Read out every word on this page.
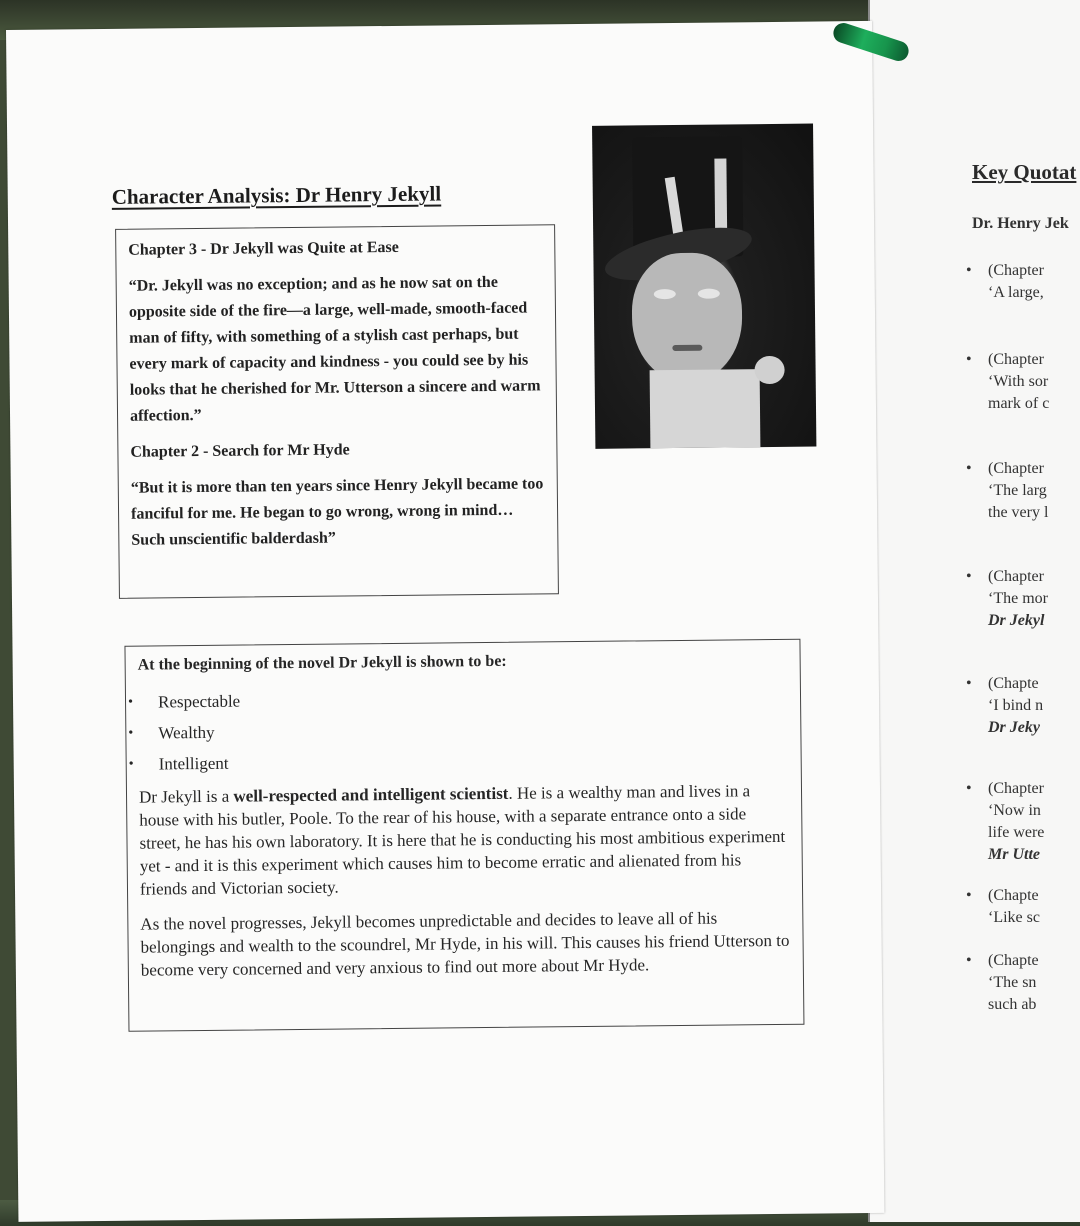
Key Quotat
Dr. Henry Jek
• (Chapter
‘A large,
• (Chapter
‘With sor
mark of c
• (Chapter
‘The larg
the very l
• (Chapter
‘The mor
Dr Jekyl
• (Chapte
‘I bind n
Dr Jeky
• (Chapter
‘Now in
life were
Mr Utte
• (Chapte
‘Like sc
• (Chapte
‘The sn
such ab
Character Analysis: Dr Henry Jekyll

Chapter 3 - Dr Jekyll was Quite at Ease

“Dr. Jekyll was no exception; and as he now sat on the opposite side of the fire—a large, well-made, smooth-faced man of fifty, with something of a stylish cast perhaps, but every mark of capacity and kindness - you could see by his looks that he cherished for Mr. Utterson a sincere and warm affection.”

Chapter 2 - Search for Mr Hyde

“But it is more than ten years since Henry Jekyll became too fanciful for me. He began to go wrong, wrong in mind… Such unscientific balderdash”

At the beginning of the novel Dr Jekyll is shown to be:

• Respectable
• Wealthy
• Intelligent

Dr Jekyll is a well-respected and intelligent scientist. He is a wealthy man and lives in a house with his butler, Poole. To the rear of his house, with a separate entrance onto a side street, he has his own laboratory. It is here that he is conducting his most ambitious experiment yet - and it is this experiment which causes him to become erratic and alienated from his friends and Victorian society.

As the novel progresses, Jekyll becomes unpredictable and decides to leave all of his belongings and wealth to the scoundrel, Mr Hyde, in his will. This causes his friend Utterson to become very concerned and very anxious to find out more about Mr Hyde.
